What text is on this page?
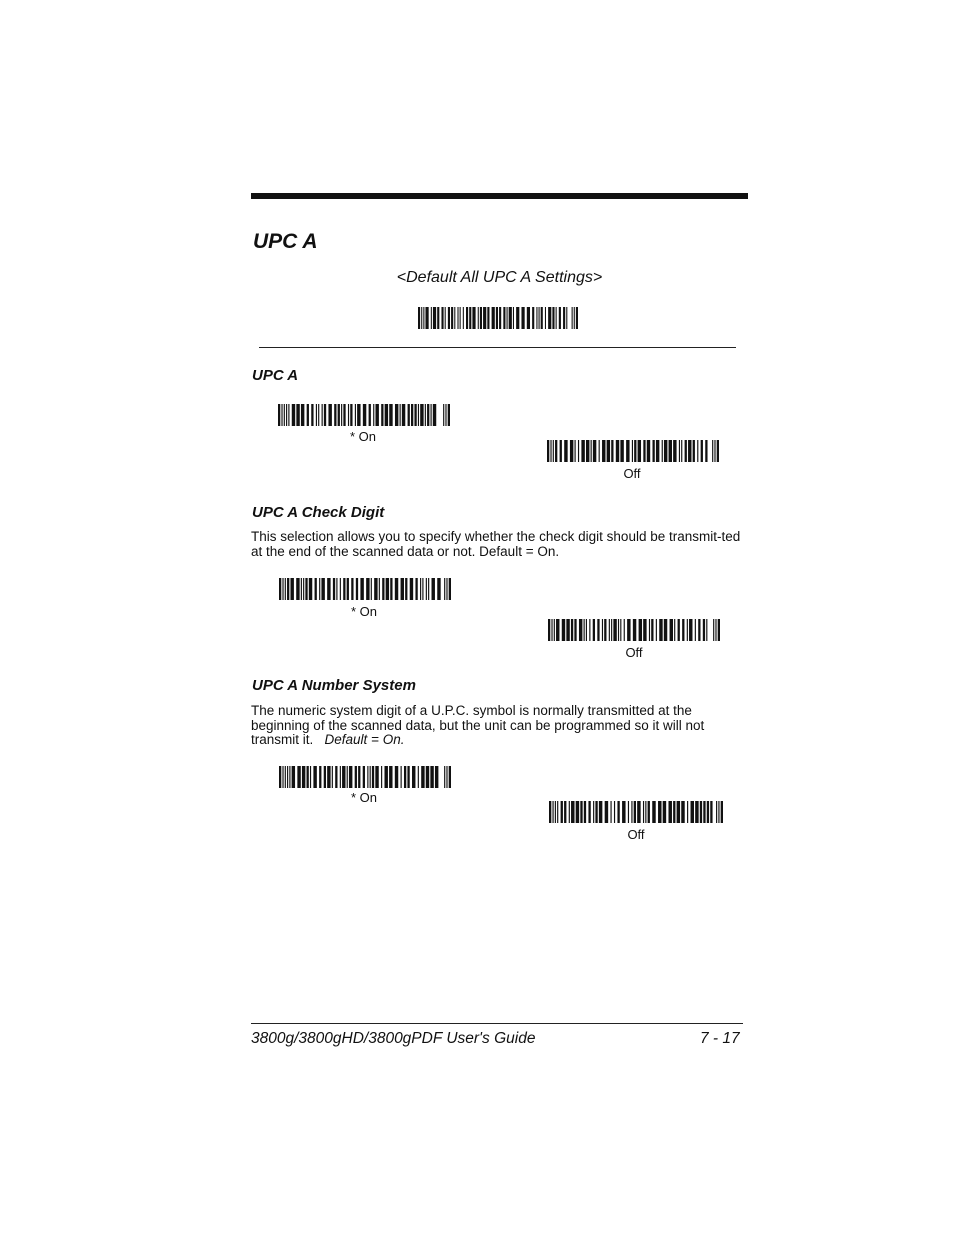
UPC A
<Default All UPC A Settings>
UPC A
* On
Off
UPC A Check Digit

This selection allows you to specify whether the check digit should be transmit-ted at the end of the scanned data or not. Default = On.

* On
Off
UPC A Number System

The numeric system digit of a U.P.C. symbol is normally transmitted at the beginning of the scanned data, but the unit can be programmed so it will not transmit it. Default = On.

* On
Off
3800g/3800gHD/3800gPDF User's Guide	7 - 17
